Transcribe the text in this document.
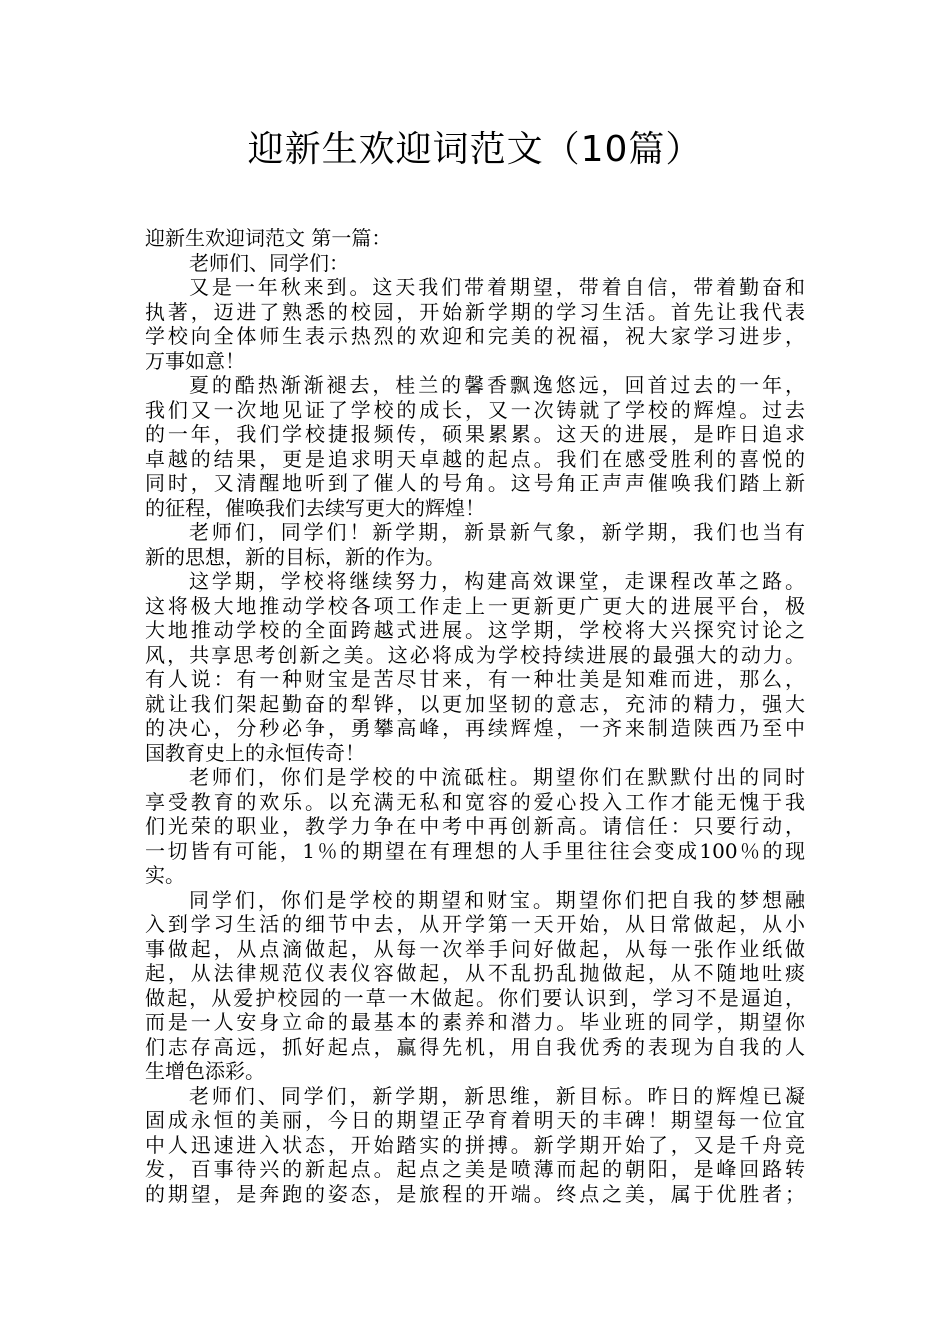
迎新生欢迎词范文（10篇）
迎新生欢迎词范文 第一篇：
老师们、同学们：
又是一年秋来到。这天我们带着期望，带着自信，带着勤奋和
执著，迈进了熟悉的校园，开始新学期的学习生活。首先让我代表
学校向全体师生表示热烈的欢迎和完美的祝福，祝大家学习进步，
万事如意！
夏的酷热渐渐褪去，桂兰的馨香飘逸悠远，回首过去的一年，
我们又一次地见证了学校的成长，又一次铸就了学校的辉煌。过去
的一年，我们学校捷报频传，硕果累累。这天的进展，是昨日追求
卓越的结果，更是追求明天卓越的起点。我们在感受胜利的喜悦的
同时，又清醒地听到了催人的号角。这号角正声声催唤我们踏上新
的征程，催唤我们去续写更大的辉煌！
老师们，同学们！新学期，新景新气象，新学期，我们也当有
新的思想，新的目标，新的作为。
这学期，学校将继续努力，构建高效课堂，走课程改革之路。
这将极大地推动学校各项工作走上一更新更广更大的进展平台，极
大地推动学校的全面跨越式进展。这学期，学校将大兴探究讨论之
风，共享思考创新之美。这必将成为学校持续进展的最强大的动力。
有人说：有一种财宝是苦尽甘来，有一种壮美是知难而进，那么，
就让我们架起勤奋的犁铧，以更加坚韧的意志，充沛的精力，强大
的决心，分秒必争，勇攀高峰，再续辉煌，一齐来制造陕西乃至中
国教育史上的永恒传奇！
老师们，你们是学校的中流砥柱。期望你们在默默付出的同时
享受教育的欢乐。以充满无私和宽容的爱心投入工作才能无愧于我
们光荣的职业，教学力争在中考中再创新高。请信任：只要行动，
一切皆有可能，1％的期望在有理想的人手里往往会变成100％的现
实。
同学们，你们是学校的期望和财宝。期望你们把自我的梦想融
入到学习生活的细节中去，从开学第一天开始，从日常做起，从小
事做起，从点滴做起，从每一次举手问好做起，从每一张作业纸做
起，从法律规范仪表仪容做起，从不乱扔乱抛做起，从不随地吐痰
做起，从爱护校园的一草一木做起。你们要认识到，学习不是逼迫，
而是一人安身立命的最基本的素养和潜力。毕业班的同学，期望你
们志存高远，抓好起点，赢得先机，用自我优秀的表现为自我的人
生增色添彩。
老师们、同学们，新学期，新思维，新目标。昨日的辉煌已凝
固成永恒的美丽，今日的期望正孕育着明天的丰碑！期望每一位宜
中人迅速进入状态，开始踏实的拼搏。新学期开始了，又是千舟竞
发，百事待兴的新起点。起点之美是喷薄而起的朝阳，是峰回路转
的期望，是奔跑的姿态，是旅程的开端。终点之美，属于优胜者；
